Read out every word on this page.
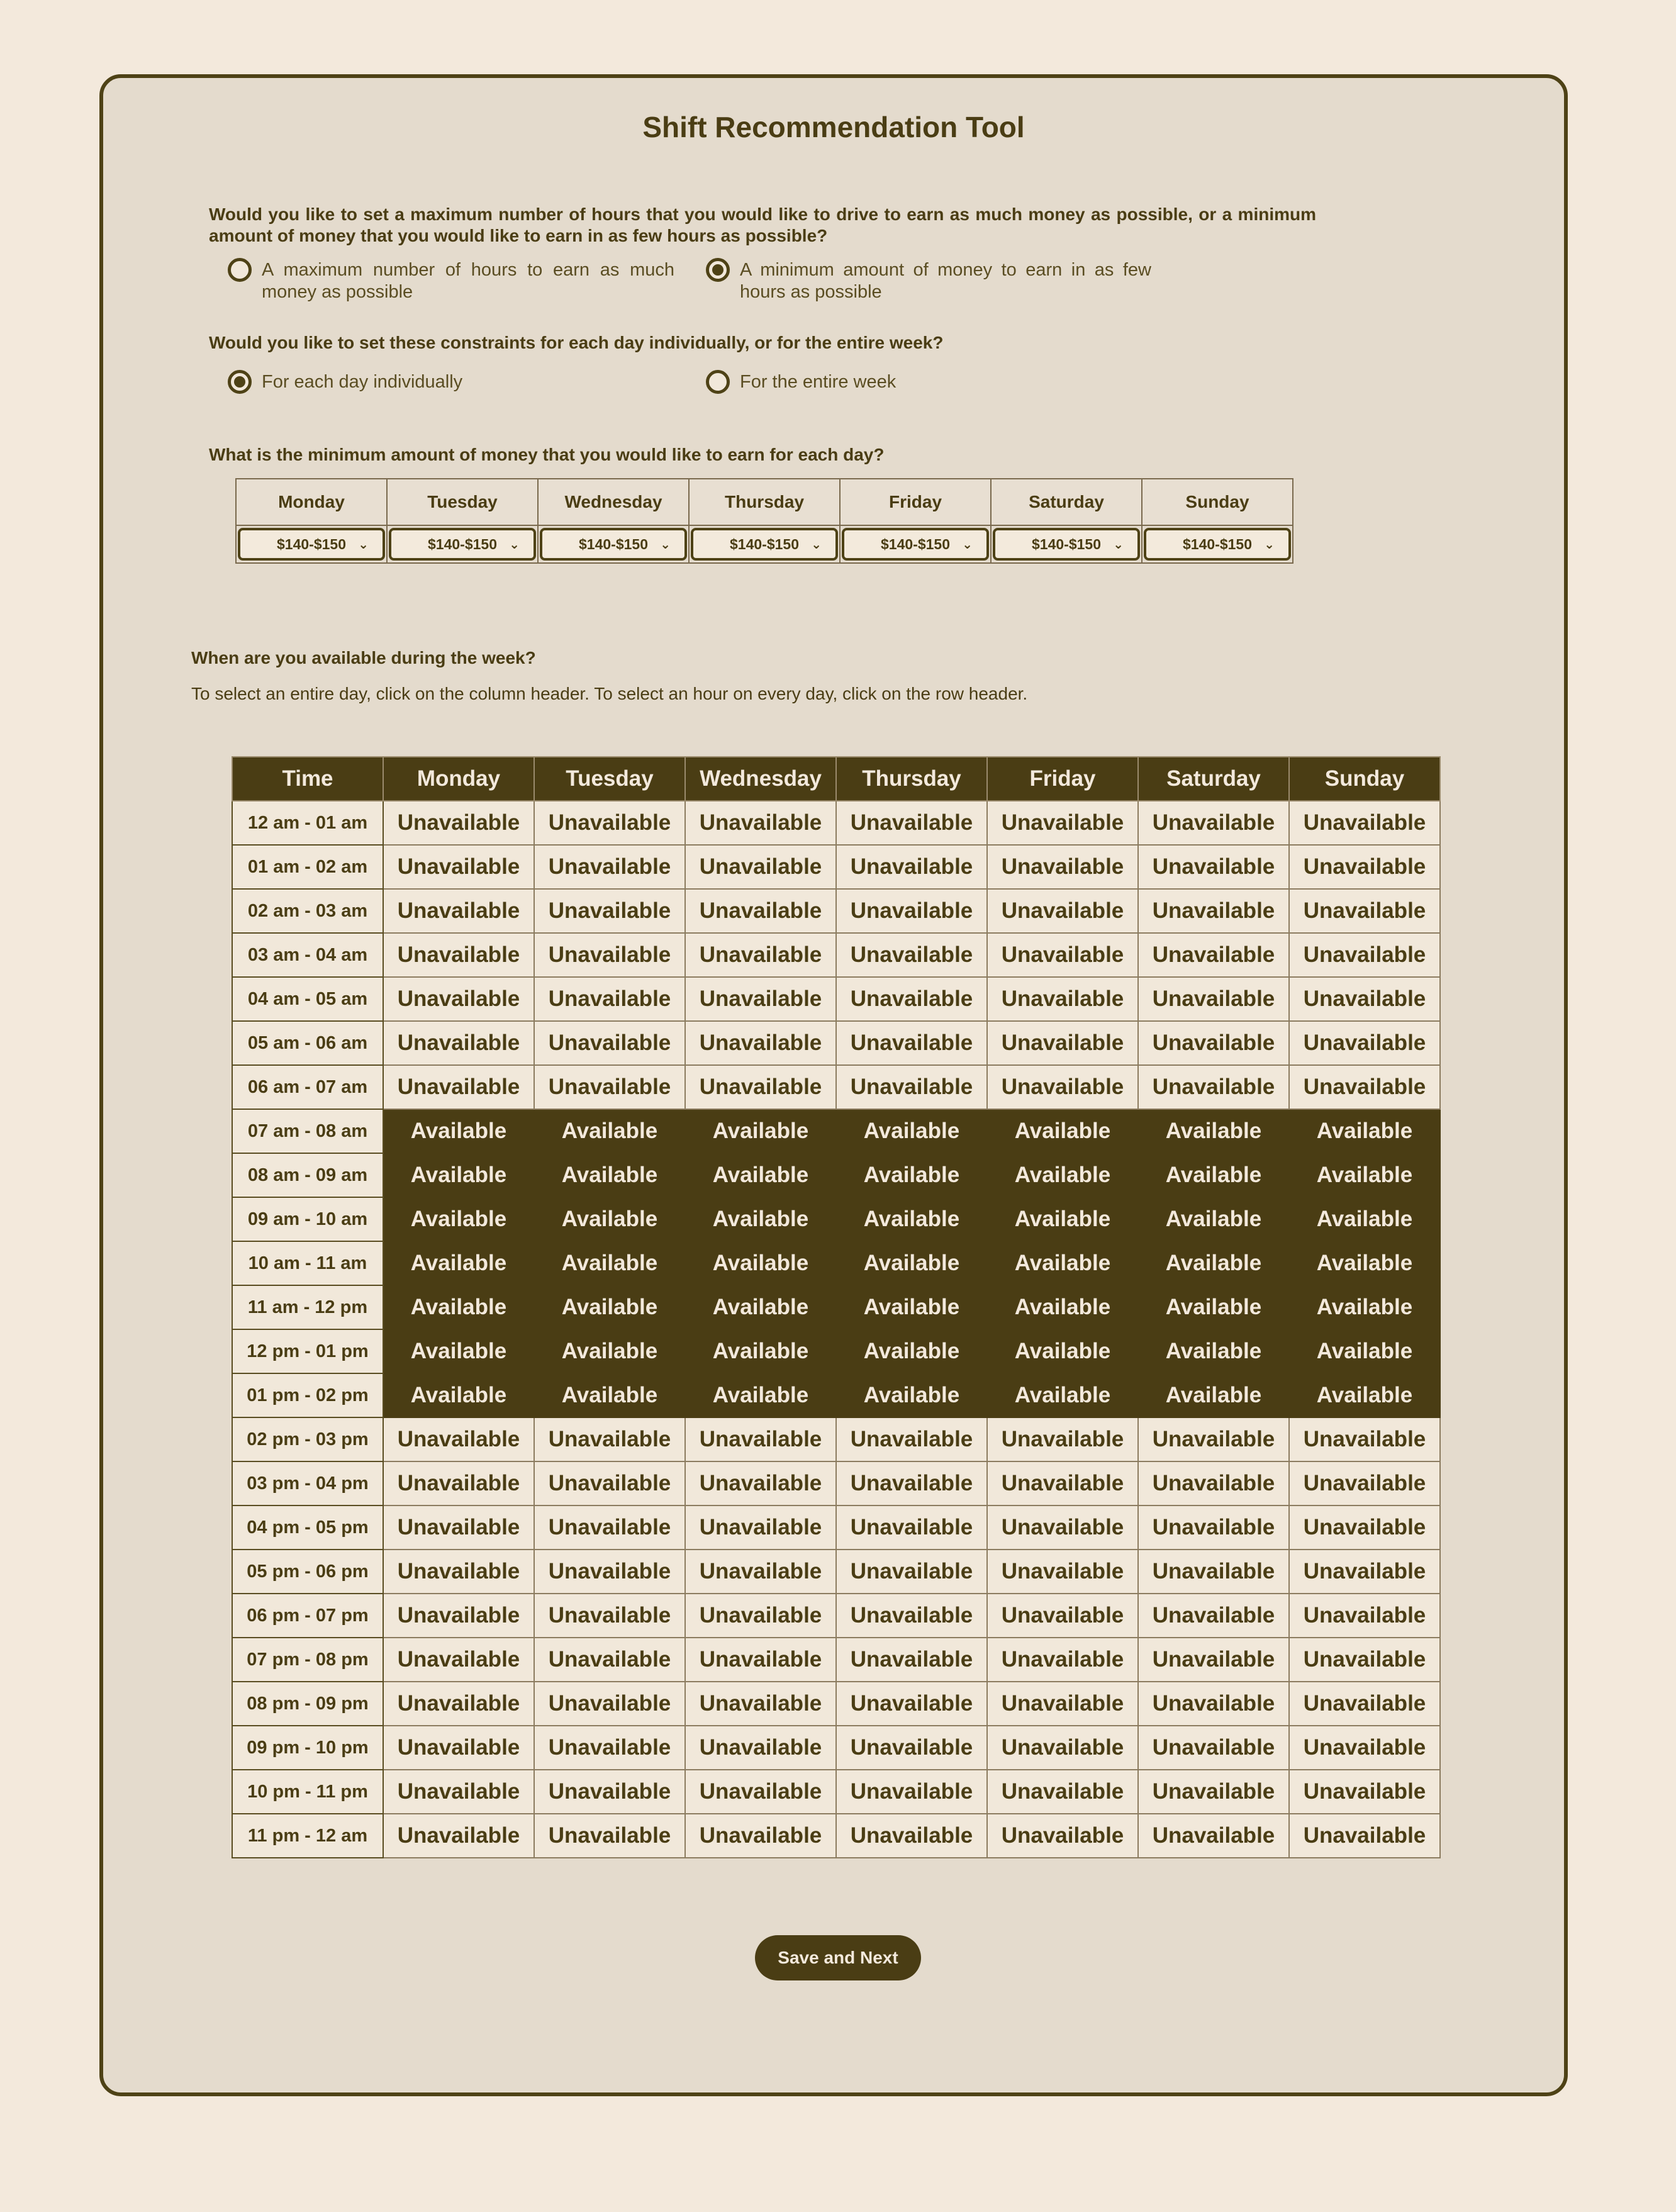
Shift Recommendation Tool
Would you like to set a maximum number of hours that you would like to drive to earn as much money as possible, or a minimum amount of money that you would like to earn in as few hours as possible?
A maximum number of hours to earn as much money as possible
A minimum amount of money to earn in as few hours as possible
Would you like to set these constraints for each day individually, or for the entire week?
For each day individually	For the entire week
What is the minimum amount of money that you would like to earn for each day?
Monday	Tuesday	Wednesday	Thursday	Friday	Saturday	Sunday

$140-$150 ⌄	$140-$150 ⌄	$140-$150 ⌄	$140-$150 ⌄	$140-$150 ⌄	$140-$150 ⌄	$140-$150 ⌄
When are you available during the week?
To select an entire day, click on the column header. To select an hour on every day, click on the row header.
Time	Monday	Tuesday	Wednesday	Thursday	Friday	Saturday	Sunday
12 am - 01 am	Unavailable	Unavailable	Unavailable	Unavailable	Unavailable	Unavailable	Unavailable
01 am - 02 am	Unavailable	Unavailable	Unavailable	Unavailable	Unavailable	Unavailable	Unavailable
02 am - 03 am	Unavailable	Unavailable	Unavailable	Unavailable	Unavailable	Unavailable	Unavailable
03 am - 04 am	Unavailable	Unavailable	Unavailable	Unavailable	Unavailable	Unavailable	Unavailable
04 am - 05 am	Unavailable	Unavailable	Unavailable	Unavailable	Unavailable	Unavailable	Unavailable
05 am - 06 am	Unavailable	Unavailable	Unavailable	Unavailable	Unavailable	Unavailable	Unavailable
06 am - 07 am	Unavailable	Unavailable	Unavailable	Unavailable	Unavailable	Unavailable	Unavailable
07 am - 08 am	Available	Available	Available	Available	Available	Available	Available
08 am - 09 am	Available	Available	Available	Available	Available	Available	Available
09 am - 10 am	Available	Available	Available	Available	Available	Available	Available
10 am - 11 am	Available	Available	Available	Available	Available	Available	Available
11 am - 12 pm	Available	Available	Available	Available	Available	Available	Available
12 pm - 01 pm	Available	Available	Available	Available	Available	Available	Available
01 pm - 02 pm	Available	Available	Available	Available	Available	Available	Available
02 pm - 03 pm	Unavailable	Unavailable	Unavailable	Unavailable	Unavailable	Unavailable	Unavailable
03 pm - 04 pm	Unavailable	Unavailable	Unavailable	Unavailable	Unavailable	Unavailable	Unavailable
04 pm - 05 pm	Unavailable	Unavailable	Unavailable	Unavailable	Unavailable	Unavailable	Unavailable
05 pm - 06 pm	Unavailable	Unavailable	Unavailable	Unavailable	Unavailable	Unavailable	Unavailable
06 pm - 07 pm	Unavailable	Unavailable	Unavailable	Unavailable	Unavailable	Unavailable	Unavailable
07 pm - 08 pm	Unavailable	Unavailable	Unavailable	Unavailable	Unavailable	Unavailable	Unavailable
08 pm - 09 pm	Unavailable	Unavailable	Unavailable	Unavailable	Unavailable	Unavailable	Unavailable
09 pm - 10 pm	Unavailable	Unavailable	Unavailable	Unavailable	Unavailable	Unavailable	Unavailable
10 pm - 11 pm	Unavailable	Unavailable	Unavailable	Unavailable	Unavailable	Unavailable	Unavailable
11 pm - 12 am	Unavailable	Unavailable	Unavailable	Unavailable	Unavailable	Unavailable	Unavailable
Save and Next
